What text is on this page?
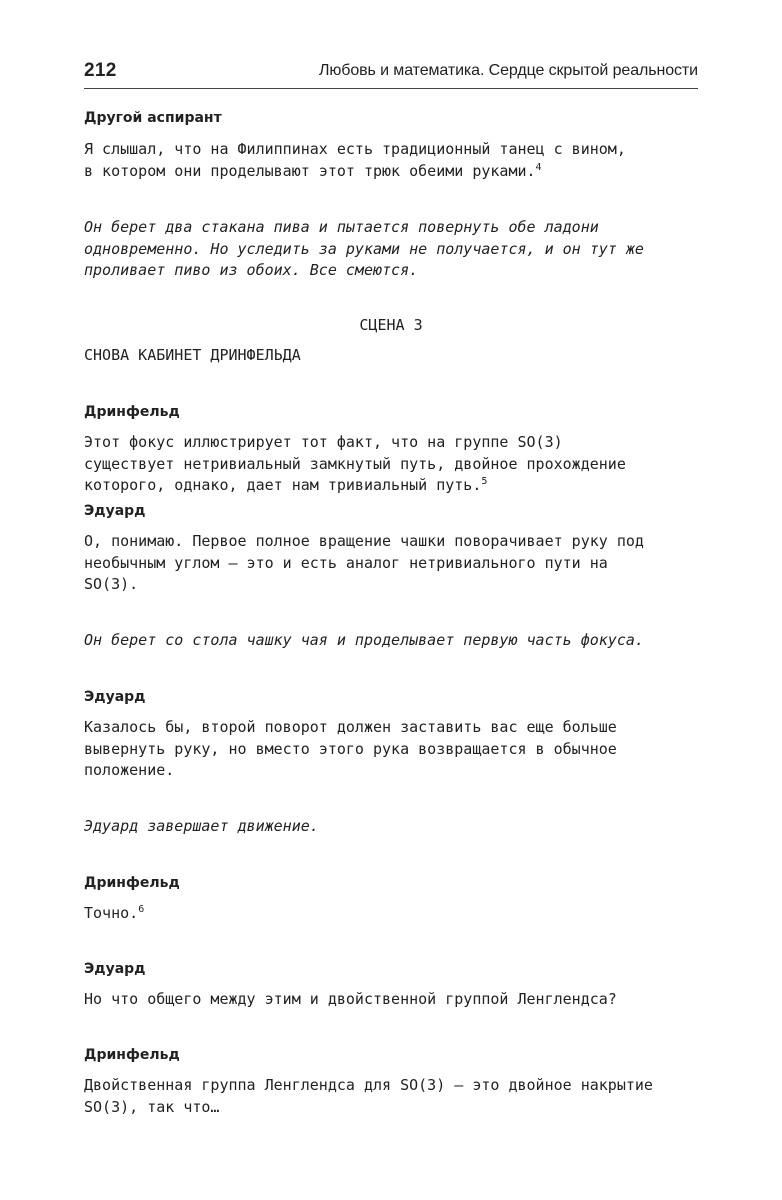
212	Любовь и математика. Сердце скрытой реальности

Другой аспирант

Я слышал, что на Филиппинах есть традиционный танец с вином,

в котором они проделывают этот трюк обеими руками.$^4$

Он берет два стакана пива и пытается повернуть обе ладони

одновременно. Но уследить за руками не получается, и он тут же

проливает пиво из обоих. Все смеются.

СЦЕНА 3

СНОВА КАБИНЕТ ДРИНФЕЛЬДА

Дринфельд

Этот фокус иллюстрирует тот факт, что на группе SO(3)

существует нетривиальный замкнутый путь, двойное прохождение

которого, однако, дает нам тривиальный путь.$^5$

Эдуард

О, понимаю. Первое полное вращение чашки поворачивает руку под

необычным углом — это и есть аналог нетривиального пути на

SO(3).

Он берет со стола чашку чая и проделывает первую часть фокуса.

Эдуард

Казалось бы, второй поворот должен заставить вас еще больше

вывернуть руку, но вместо этого рука возвращается в обычное

положение.

Эдуард завершает движение.

Дринфельд

Точно.$^6$

Эдуард

Но что общего между этим и двойственной группой Ленглендса?

Дринфельд

Двойственная группа Ленглендса для SO(3) — это двойное накрытие

SO(3), так что…
